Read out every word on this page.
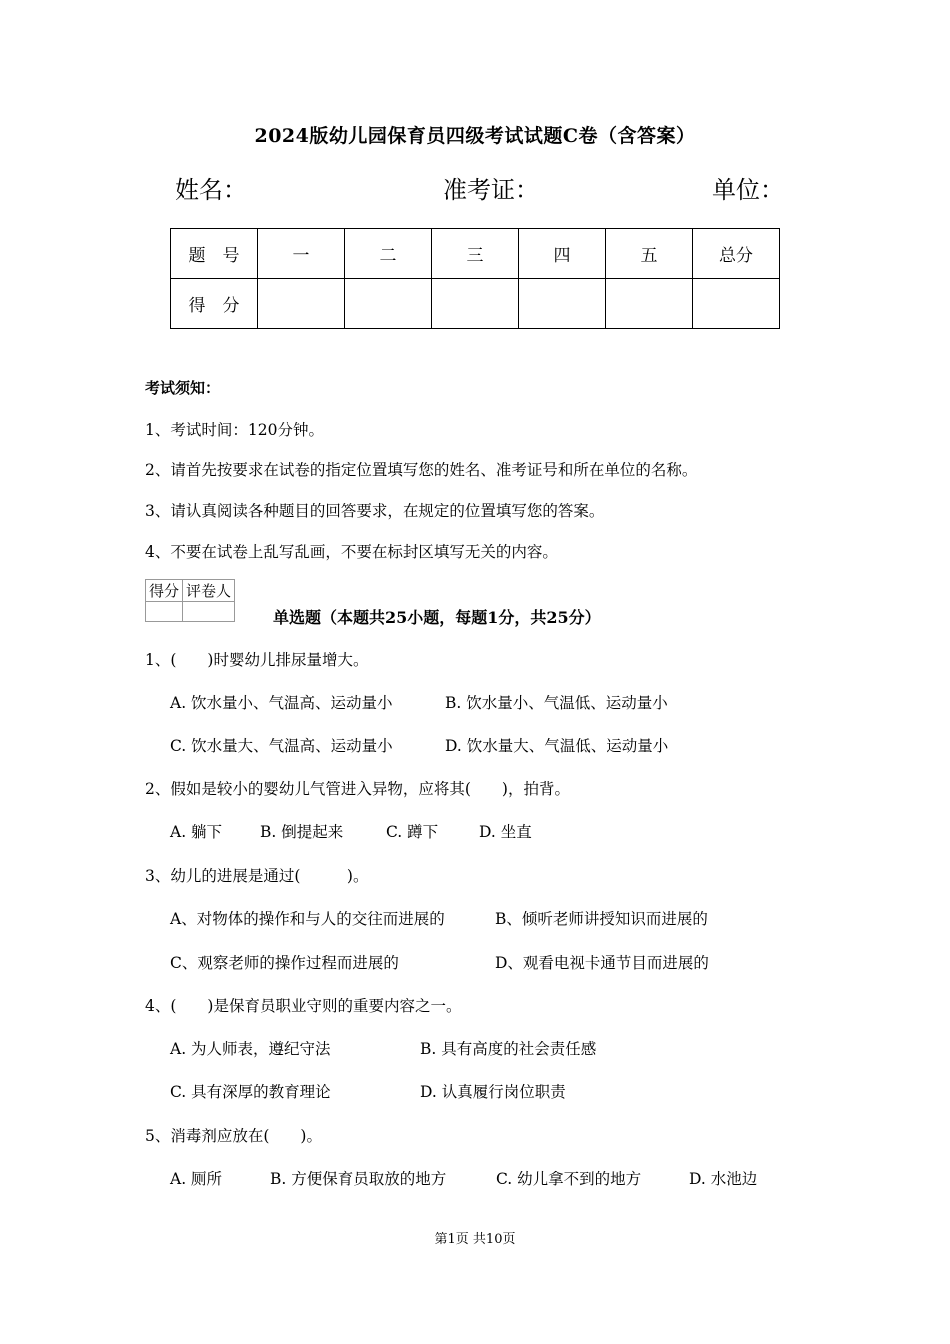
2024版幼儿园保育员四级考试试题C卷（含答案）
姓名：	准考证：	单位：
题　号	一	二	三	四	五	总分
得　分						
考试须知：
1、考试时间：120分钟。
2、请首先按要求在试卷的指定位置填写您的姓名、准考证号和所在单位的名称。
3、请认真阅读各种题目的回答要求，在规定的位置填写您的答案。
4、不要在试卷上乱写乱画，不要在标封区填写无关的内容。
得分	评卷人

单选题（本题共25小题，每题1分，共25分）
1、(　　)时婴幼儿排尿量增大。
A. 饮水量小、气温高、运动量小	B. 饮水量小、气温低、运动量小
C. 饮水量大、气温高、运动量小	D. 饮水量大、气温低、运动量小
2、假如是较小的婴幼儿气管进入异物，应将其(　　)，拍背。
A. 躺下 B. 倒提起来	C. 蹲下	D. 坐直
3、幼儿的进展是通过(　　　)。
A、对物体的操作和与人的交往而进展的	B、倾听老师讲授知识而进展的
C、观察老师的操作过程而进展的	D、观看电视卡通节目而进展的
4、(　　)是保育员职业守则的重要内容之一。
A. 为人师表，遵纪守法	B. 具有高度的社会责任感
C. 具有深厚的教育理论	D. 认真履行岗位职责
5、消毒剂应放在(　　)。
A. 厕所	B. 方便保育员取放的地方	C. 幼儿拿不到的地方	D. 水池边
第1页 共10页
